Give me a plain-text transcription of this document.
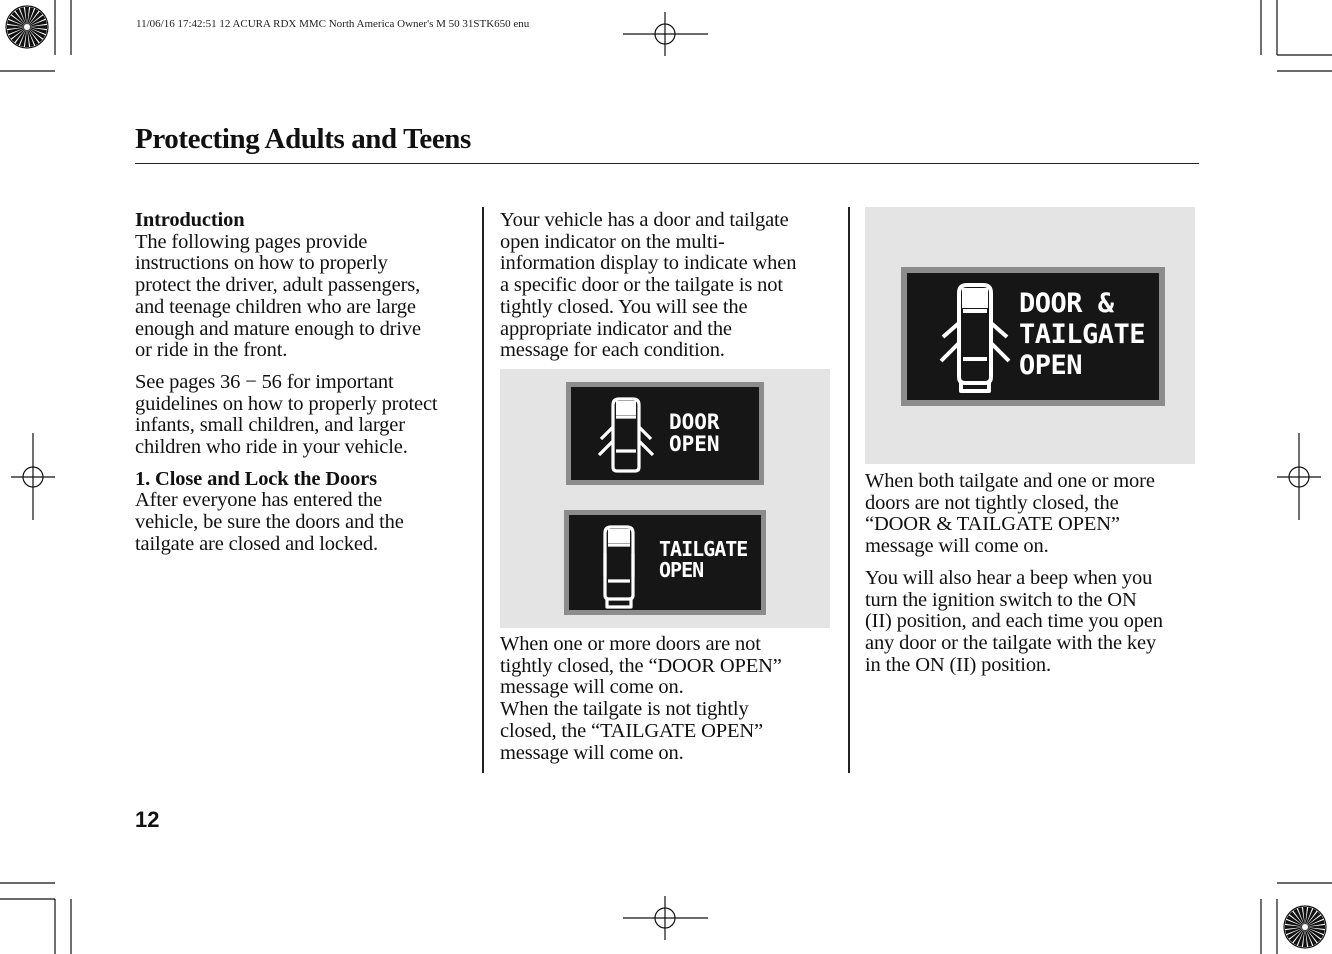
11/06/16 17:42:51 12 ACURA RDX MMC North America Owner's M 50 31STK650 enu
Protecting Adults and Teens
Introduction

The following pages provide
instructions on how to properly
protect the driver, adult passengers,
and teenage children who are large
enough and mature enough to drive
or ride in the front.

See pages 36 − 56 for important
guidelines on how to properly protect
infants, small children, and larger
children who ride in your vehicle.

1. Close and Lock the Doors

After everyone has entered the
vehicle, be sure the doors and the
tailgate are closed and locked.

Your vehicle has a door and tailgate
open indicator on the multi-
information display to indicate when
a specific door or the tailgate is not
tightly closed. You will see the
appropriate indicator and the
message for each condition.

DOOR
OPEN
TAILGATE
OPEN

When one or more doors are not
tightly closed, the “DOOR OPEN”
message will come on.

When the tailgate is not tightly
closed, the “TAILGATE OPEN”
message will come on.

DOOR &
TAILGATE
OPEN

When both tailgate and one or more
doors are not tightly closed, the
“DOOR & TAILGATE OPEN”
message will come on.

You will also hear a beep when you
turn the ignition switch to the ON
(II) position, and each time you open
any door or the tailgate with the key
in the ON (II) position.

12
